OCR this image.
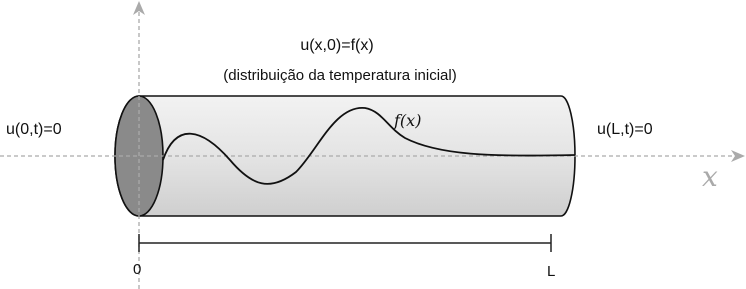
u(x,0)=f(x)
(distribuição da temperatura inicial)
u(0,t)=0	u(L,t)=0
f(x)
x
0	L
